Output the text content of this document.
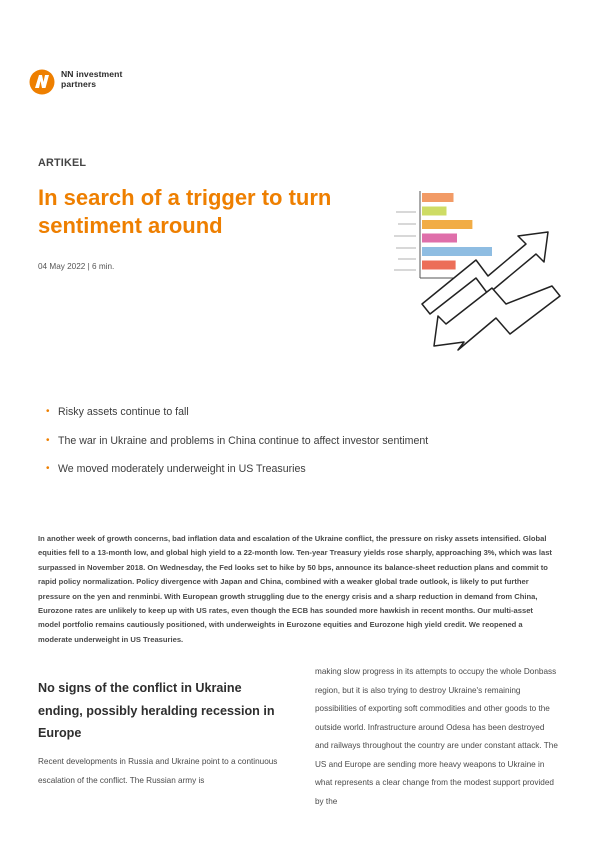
NN investment
partners
ARTIKEL
In search of a trigger to turn
sentiment around
04 May 2022 | 6 min.
• Risky assets continue to fall
• The war in Ukraine and problems in China continue to affect investor sentiment
• We moved moderately underweight in US Treasuries

In another week of growth concerns, bad inflation data and escalation of the Ukraine conflict, the pressure on risky assets intensified. Global equities fell to a 13-month low, and global high yield to a 22-month low. Ten-year Treasury yields rose sharply, approaching 3%, which was last surpassed in November 2018. On Wednesday, the Fed looks set to hike by 50 bps, announce its balance-sheet reduction plans and commit to rapid policy normalization. Policy divergence with Japan and China, combined with a weaker global trade outlook, is likely to put further pressure on the yen and renminbi. With European growth struggling due to the energy crisis and a sharp reduction in demand from China, Eurozone rates are unlikely to keep up with US rates, even though the ECB has sounded more hawkish in recent months. Our multi-asset model portfolio remains cautiously positioned, with underweights in Eurozone equities and Eurozone high yield credit. We reopened a moderate underweight in US Treasuries.

No signs of the conflict in Ukraine ending, possibly heralding recession in Europe

Recent developments in Russia and Ukraine point to a continuous escalation of the conflict. The Russian army is

making slow progress in its attempts to occupy the whole Donbass region, but it is also trying to destroy Ukraine's remaining possibilities of exporting soft commodities and other goods to the outside world. Infrastructure around Odesa has been destroyed and railways throughout the country are under constant attack. The US and Europe are sending more heavy weapons to Ukraine in what represents a clear change from the modest support provided by the
